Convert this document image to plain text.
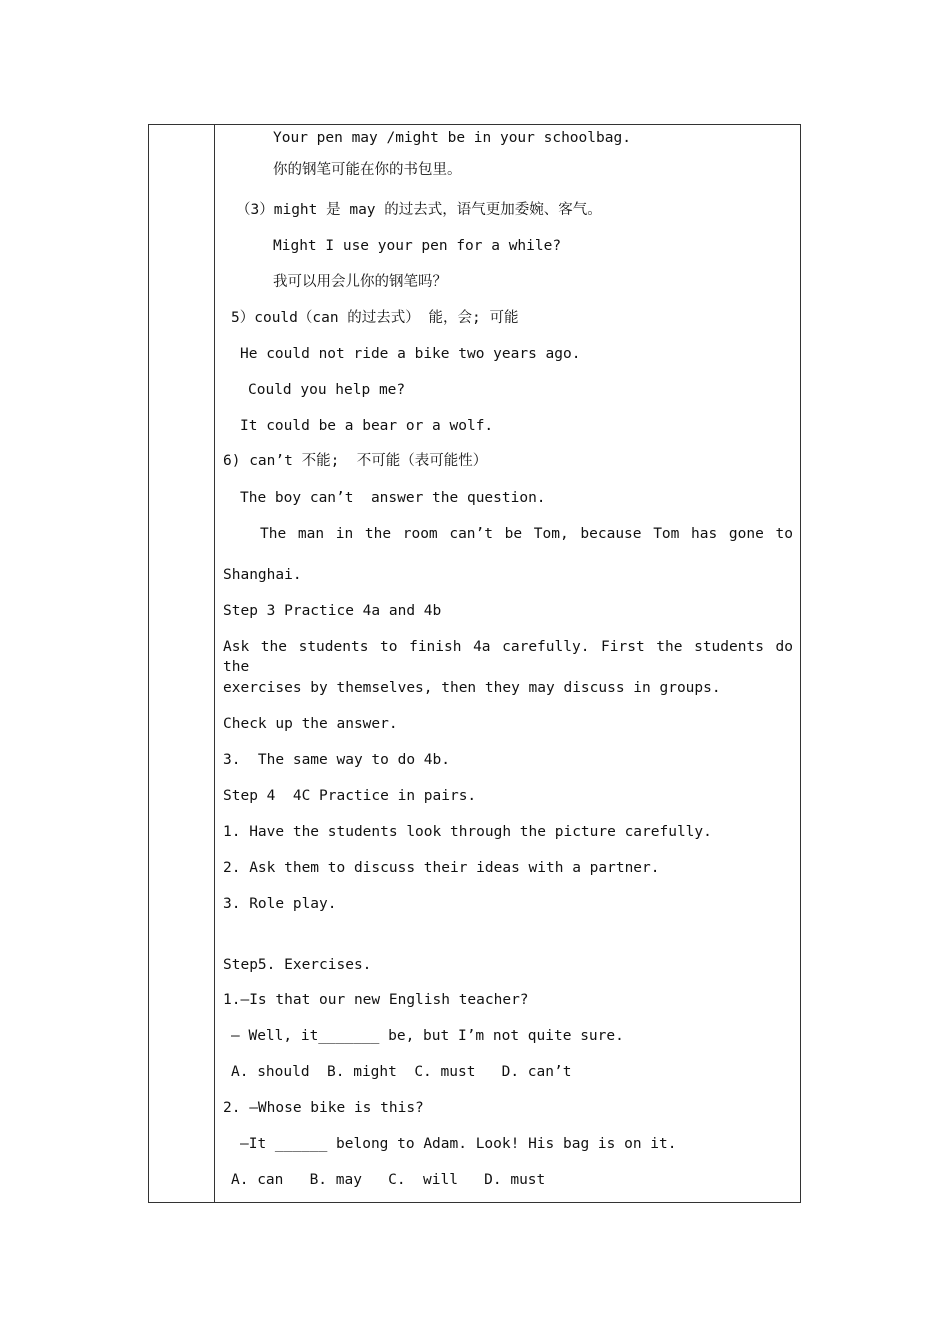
Your pen may /might be in your schoolbag.
你的钢笔可能在你的书包里。
（3）might 是 may 的过去式，语气更加委婉、客气。
Might I use your pen for a while?
我可以用会儿你的钢笔吗？
5）could（can 的过去式） 能，会; 可能
He could not ride a bike two years ago.
Could you help me?
It could be a bear or a wolf.
6) can’t 不能;  不可能（表可能性）
The boy can’t  answer the question.
The man in the room can’t be Tom, because Tom has gone to
Shanghai.
Step 3 Practice 4a and 4b
Ask the students to finish 4a carefully. First the students do the
exercises by themselves, then they may discuss in groups.
Check up the answer.
3.  The same way to do 4b.
Step 4  4C Practice in pairs.
1. Have the students look through the picture carefully.
2. Ask them to discuss their ideas with a partner.
3. Role play.
Step5. Exercises.
1.—Is that our new English teacher?
— Well, it_______ be, but I’m not quite sure.
A. should  B. might  C. must   D. can’t
2. —Whose bike is this?
—It ______ belong to Adam. Look! His bag is on it.
A. can   B. may   C.  will   D. must
